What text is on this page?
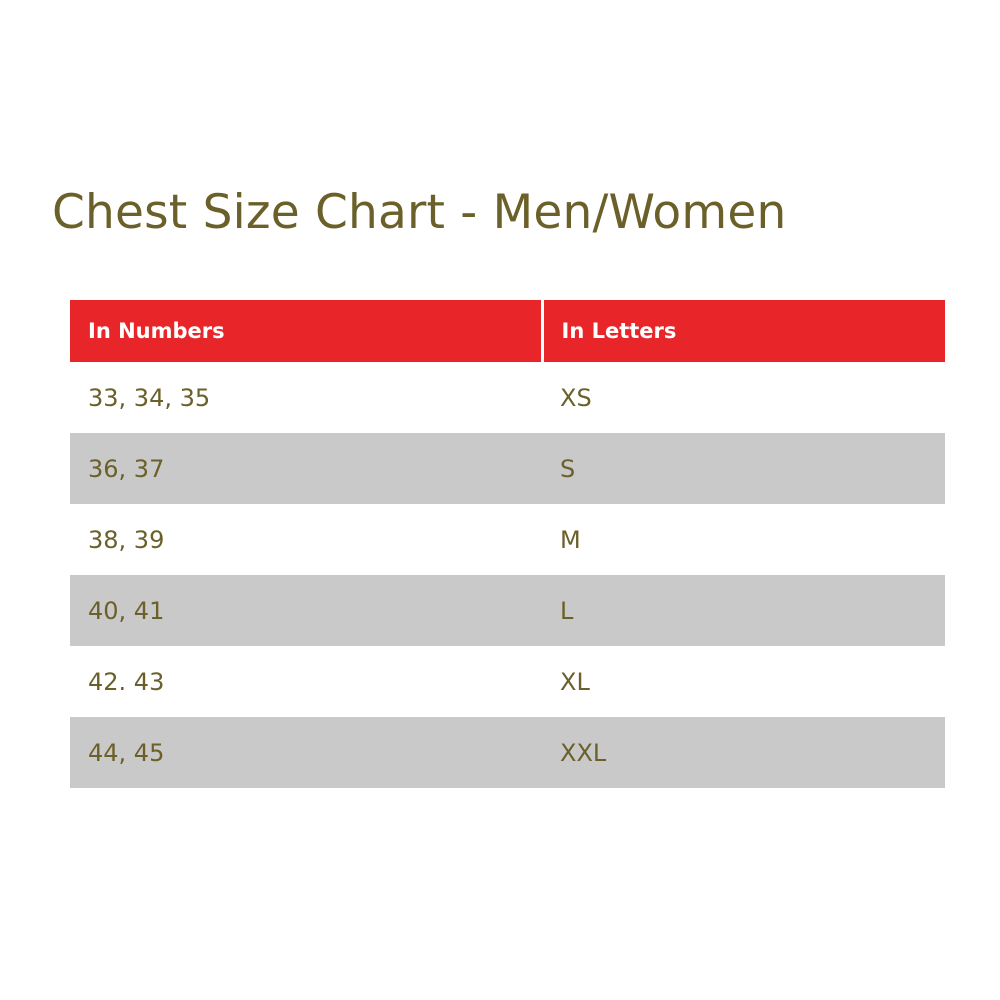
Chest Size Chart - Men/Women
In Numbers	In Letters
33, 34, 35	XS
36, 37	S
38, 39	M
40, 41	L
42. 43	XL
44, 45	XXL
